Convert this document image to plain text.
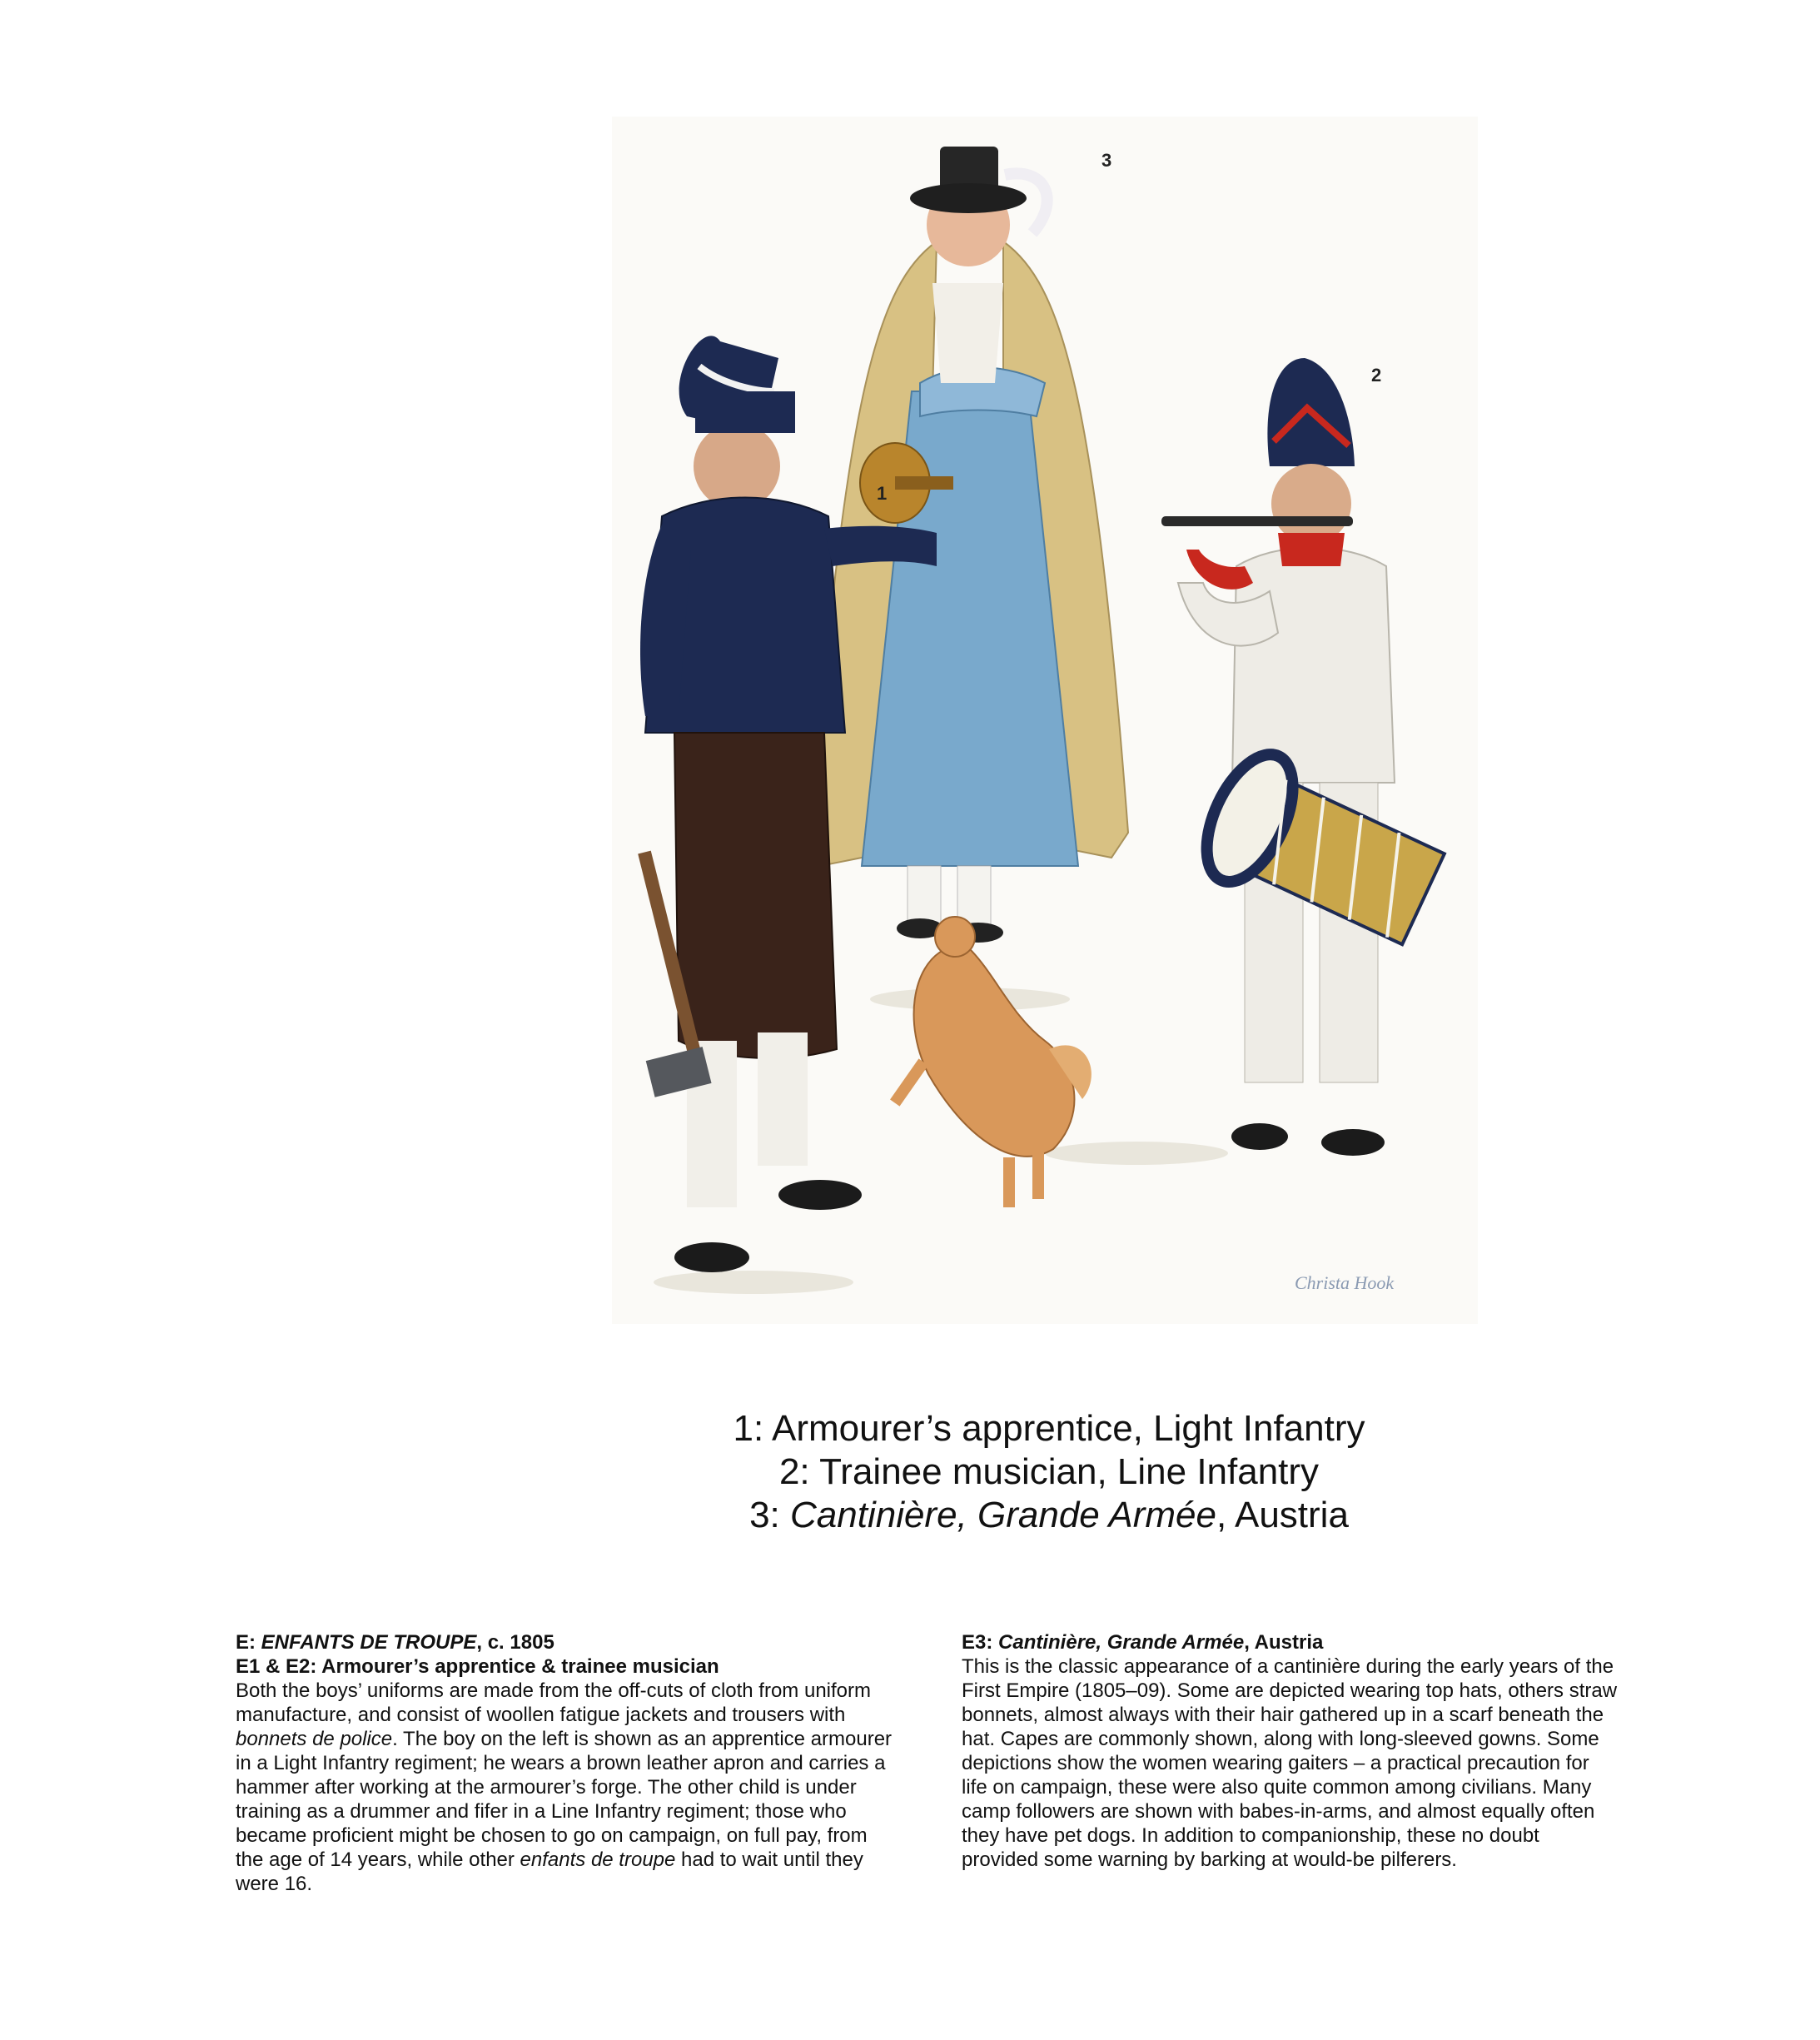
1
2
3
Christa Hook
1: Armourer’s apprentice, Light Infantry
2: Trainee musician, Line Infantry
3: Cantinière, Grande Armée, Austria
E: ENFANTS DE TROUPE, c. 1805
E1 & E2: Armourer’s apprentice & trainee musician

Both the boys’ uniforms are made from the off-cuts of cloth from uniform manufacture, and consist of woollen fatigue jackets and trousers with bonnets de police. The boy on the left is shown as an apprentice armourer in a Light Infantry regiment; he wears a brown leather apron and carries a hammer after working at the armourer’s forge. The other child is under training as a drummer and fifer in a Line Infantry regiment; those who became proficient might be chosen to go on campaign, on full pay, from the age of 14 years, while other enfants de troupe had to wait until they were 16.

E3: Cantinière, Grande Armée, Austria

This is the classic appearance of a cantinière during the early years of the First Empire (1805–09). Some are depicted wearing top hats, others straw bonnets, almost always with their hair gathered up in a scarf beneath the hat. Capes are commonly shown, along with long-sleeved gowns. Some depictions show the women wearing gaiters – a practical precaution for life on campaign, these were also quite common among civilians. Many camp followers are shown with babes-in-arms, and almost equally often they have pet dogs. In addition to companionship, these no doubt provided some warning by barking at would-be pilferers.
